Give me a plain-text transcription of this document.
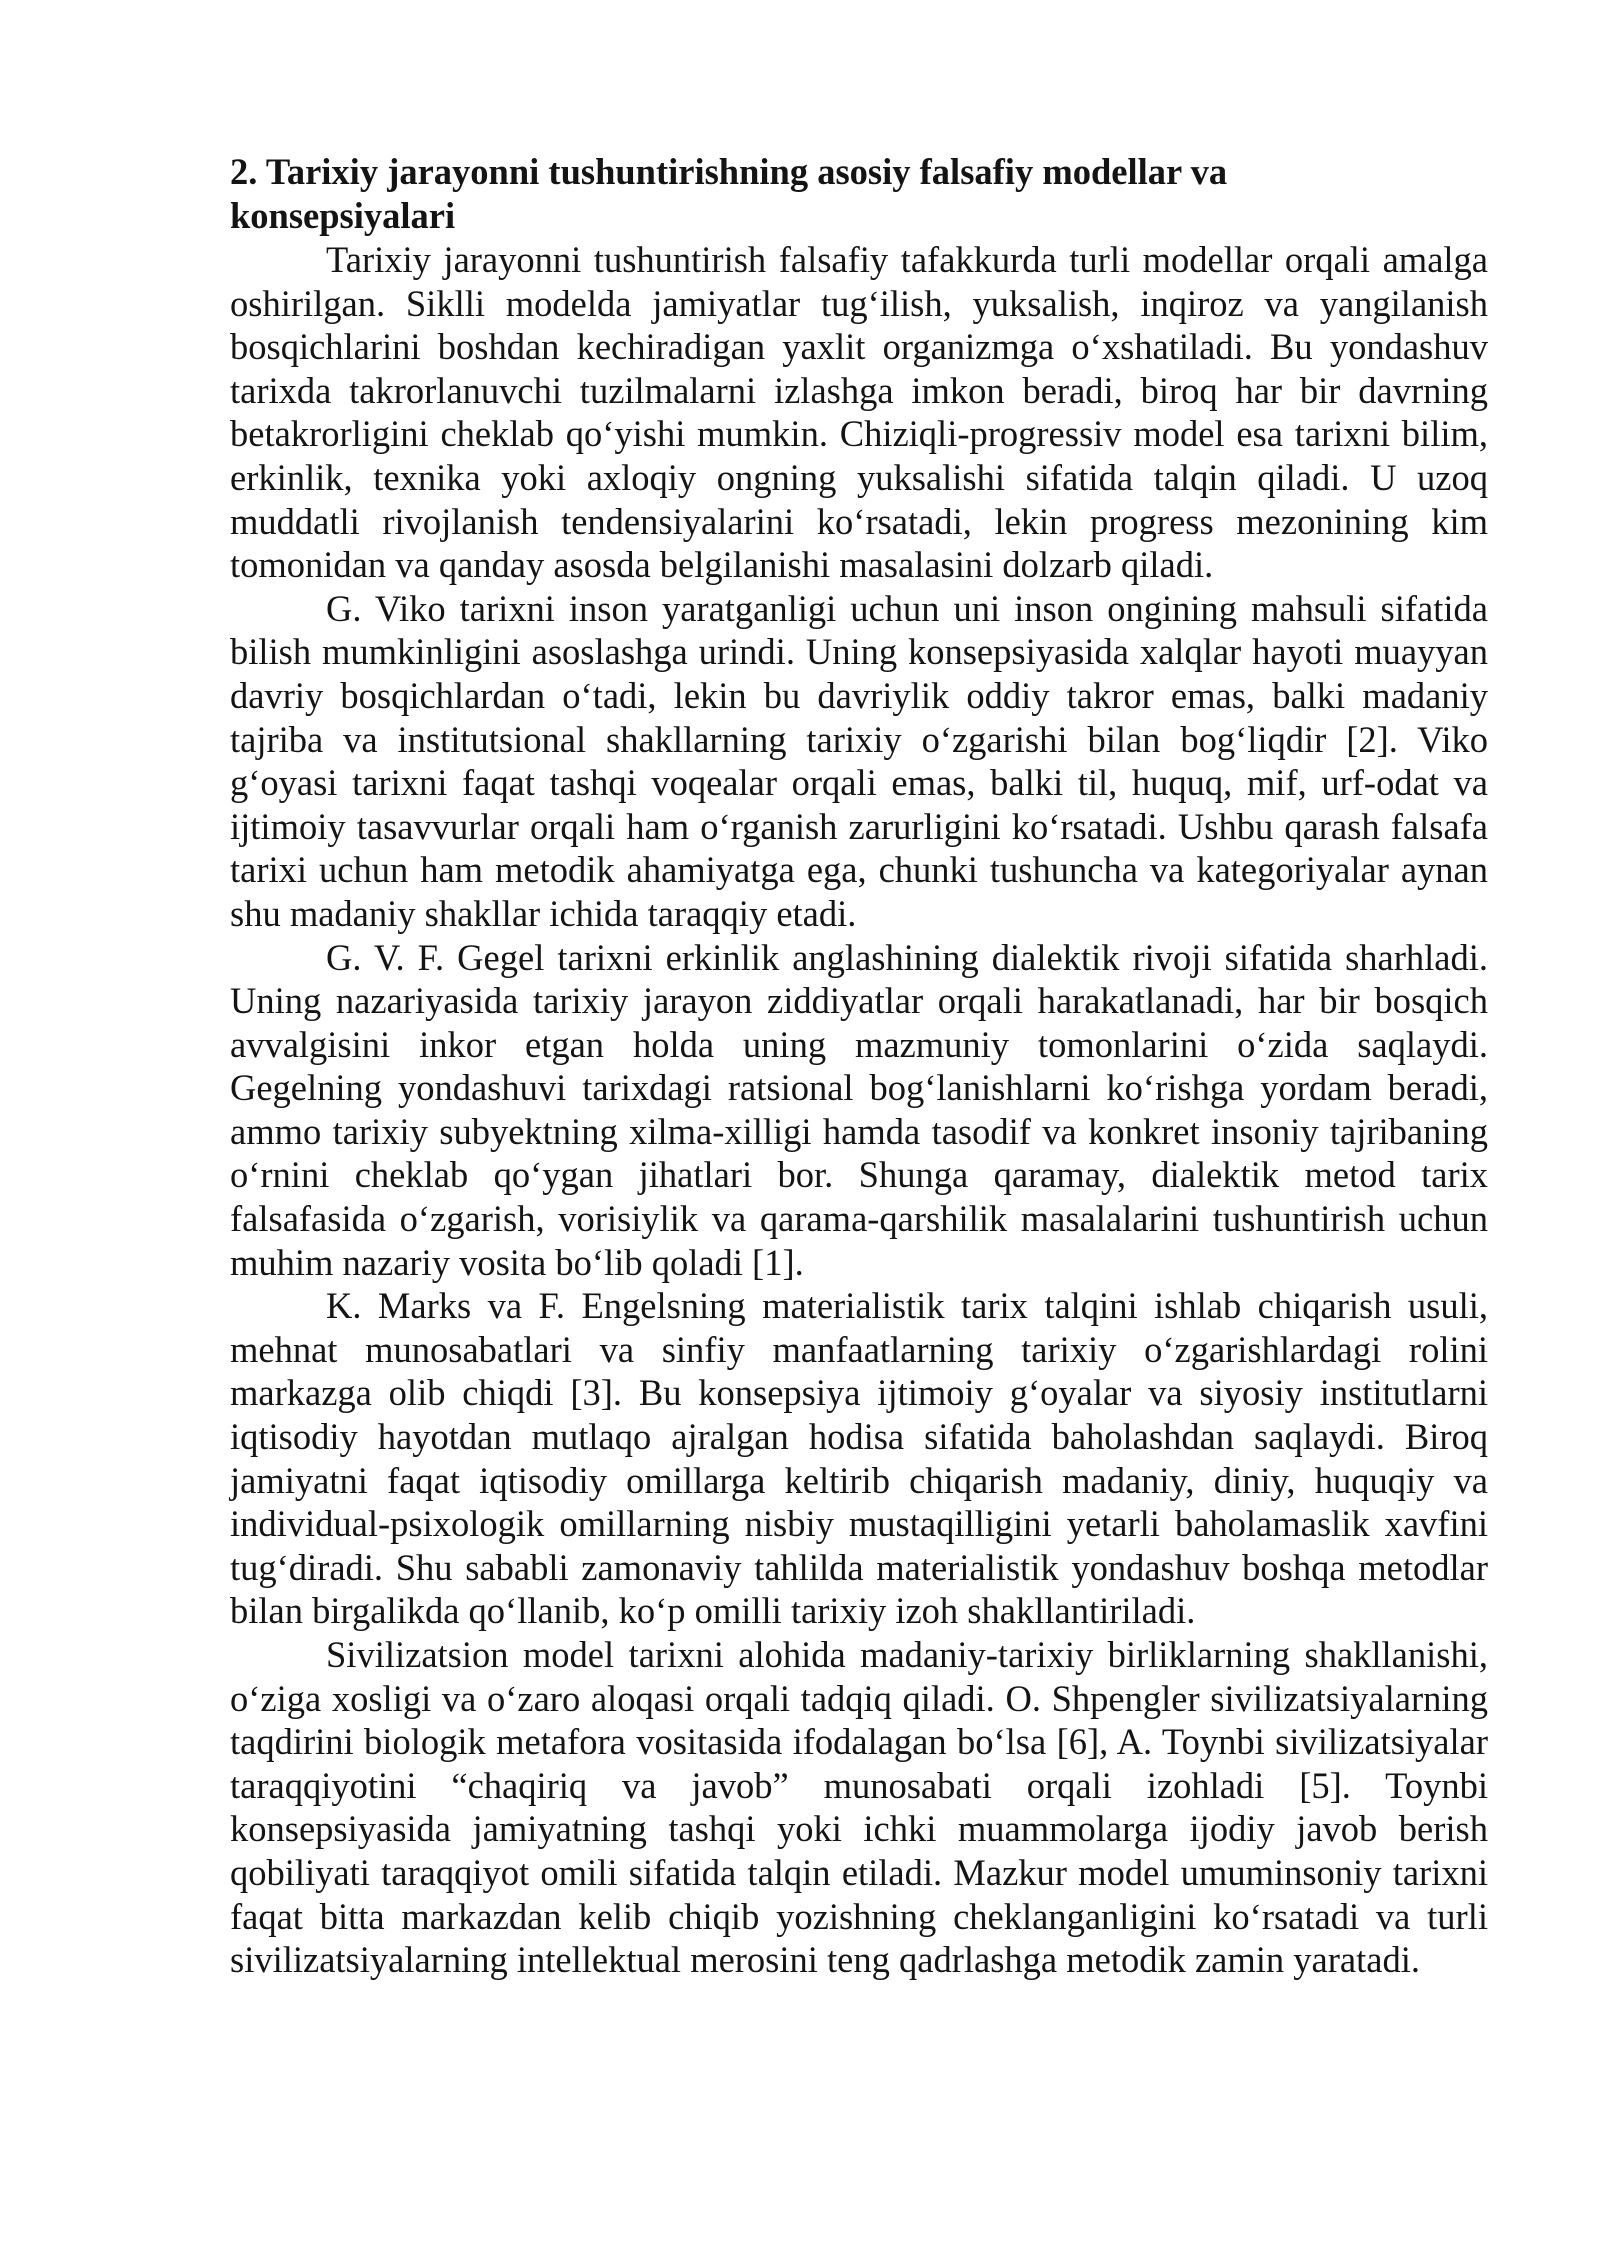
2. Tarixiy jarayonni tushuntirishning asosiy falsafiy modellar va konsepsiyalari

Tarixiy jarayonni tushuntirish falsafiy tafakkurda turli modellar orqali amalga oshirilgan. Siklli modelda jamiyatlar tug‘ilish, yuksalish, inqiroz va yangilanish bosqichlarini boshdan kechiradigan yaxlit organizmga o‘xshatiladi. Bu yondashuv tarixda takrorlanuvchi tuzilmalarni izlashga imkon beradi, biroq har bir davrning betakrorligini cheklab qo‘yishi mumkin. Chiziqli-progressiv model esa tarixni bilim, erkinlik, texnika yoki axloqiy ongning yuksalishi sifatida talqin qiladi. U uzoq muddatli rivojlanish tendensiyalarini ko‘rsatadi, lekin progress mezonining kim tomonidan va qanday asosda belgilanishi masalasini dolzarb qiladi.

G. Viko tarixni inson yaratganligi uchun uni inson ongining mahsuli sifatida bilish mumkinligini asoslashga urindi. Uning konsepsiyasida xalqlar hayoti muayyan davriy bosqichlardan o‘tadi, lekin bu davriylik oddiy takror emas, balki madaniy tajriba va institutsional shakllarning tarixiy o‘zgarishi bilan bog‘liqdir [2]. Viko g‘oyasi tarixni faqat tashqi voqealar orqali emas, balki til, huquq, mif, urf-odat va ijtimoiy tasavvurlar orqali ham o‘rganish zarurligini ko‘rsatadi. Ushbu qarash falsafa tarixi uchun ham metodik ahamiyatga ega, chunki tushuncha va kategoriyalar aynan shu madaniy shakllar ichida taraqqiy etadi.

G. V. F. Gegel tarixni erkinlik anglashining dialektik rivoji sifatida sharhladi. Uning nazariyasida tarixiy jarayon ziddiyatlar orqali harakatlanadi, har bir bosqich avvalgisini inkor etgan holda uning mazmuniy tomonlarini o‘zida saqlaydi. Gegelning yondashuvi tarixdagi ratsional bog‘lanishlarni ko‘rishga yordam beradi, ammo tarixiy subyektning xilma-xilligi hamda tasodif va konkret insoniy tajribaning o‘rnini cheklab qo‘ygan jihatlari bor. Shunga qaramay, dialektik metod tarix falsafasida o‘zgarish, vorisiylik va qarama-qarshilik masalalarini tushuntirish uchun muhim nazariy vosita bo‘lib qoladi [1].

K. Marks va F. Engelsning materialistik tarix talqini ishlab chiqarish usuli, mehnat munosabatlari va sinfiy manfaatlarning tarixiy o‘zgarishlardagi rolini markazga olib chiqdi [3]. Bu konsepsiya ijtimoiy g‘oyalar va siyosiy institutlarni iqtisodiy hayotdan mutlaqo ajralgan hodisa sifatida baholashdan saqlaydi. Biroq jamiyatni faqat iqtisodiy omillarga keltirib chiqarish madaniy, diniy, huquqiy va individual-psixologik omillarning nisbiy mustaqilligini yetarli baholamaslik xavfini tug‘diradi. Shu sababli zamonaviy tahlilda materialistik yondashuv boshqa metodlar bilan birgalikda qo‘llanib, ko‘p omilli tarixiy izoh shakllantiriladi.

Sivilizatsion model tarixni alohida madaniy-tarixiy birliklarning shakllanishi, o‘ziga xosligi va o‘zaro aloqasi orqali tadqiq qiladi. O. Shpengler sivilizatsiyalarning taqdirini biologik metafora vositasida ifodalagan bo‘lsa [6], A. Toynbi sivilizatsiyalar taraqqiyotini “chaqiriq va javob” munosabati orqali izohladi [5]. Toynbi konsepsiyasida jamiyatning tashqi yoki ichki muammolarga ijodiy javob berish qobiliyati taraqqiyot omili sifatida talqin etiladi. Mazkur model umuminsoniy tarixni faqat bitta markazdan kelib chiqib yozishning cheklanganligini ko‘rsatadi va turli sivilizatsiyalarning intellektual merosini teng qadrlashga metodik zamin yaratadi.
